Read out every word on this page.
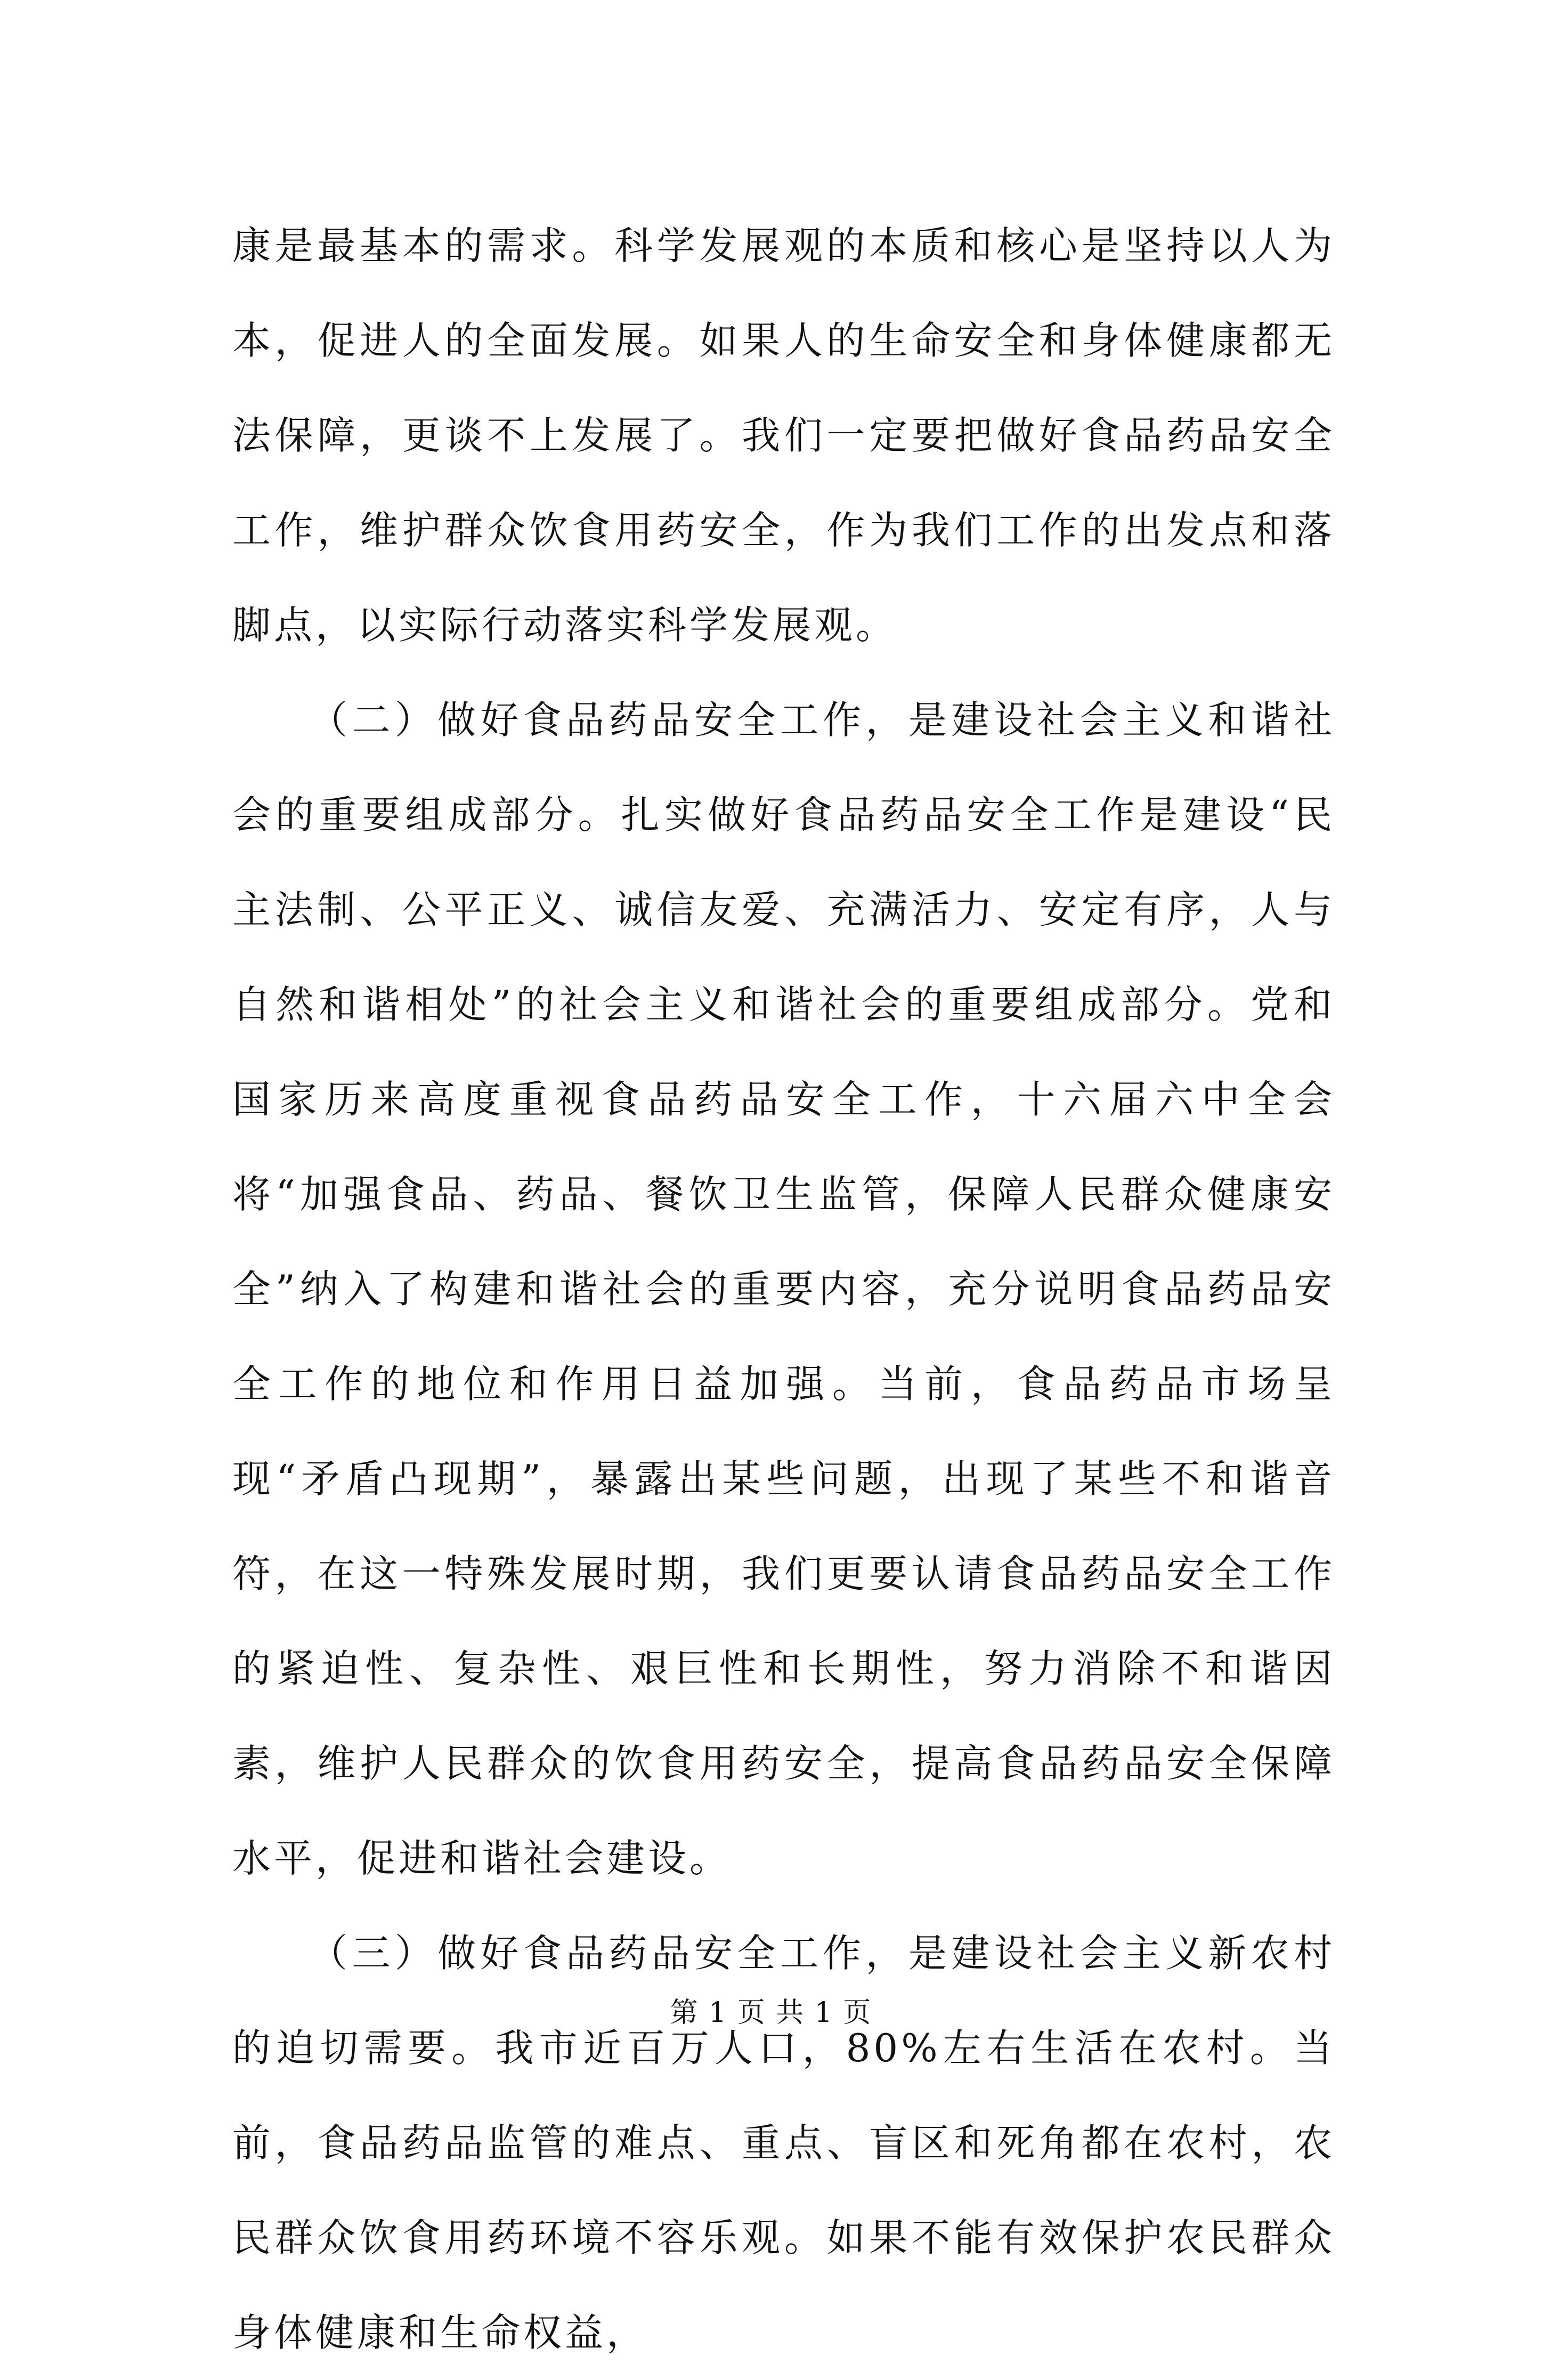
康是最基本的需求。科学发展观的本质和核心是坚持以人为本，促进人的全面发展。如果人的生命安全和身体健康都无法保障，更谈不上发展了。我们一定要把做好食品药品安全工作，维护群众饮食用药安全，作为我们工作的出发点和落脚点，以实际行动落实科学发展观。

（二）做好食品药品安全工作，是建设社会主义和谐社会的重要组成部分。扎实做好食品药品安全工作是建设“民主法制、公平正义、诚信友爱、充满活力、安定有序，人与自然和谐相处”的社会主义和谐社会的重要组成部分。党和国家历来高度重视食品药品安全工作，十六届六中全会将“加强食品、药品、餐饮卫生监管，保障人民群众健康安全”纳入了构建和谐社会的重要内容，充分说明食品药品安全工作的地位和作用日益加强。当前，食品药品市场呈现“矛盾凸现期”，暴露出某些问题，出现了某些不和谐音符，在这一特殊发展时期，我们更要认请食品药品安全工作的紧迫性、复杂性、艰巨性和长期性，努力消除不和谐因素，维护人民群众的饮食用药安全，提高食品药品安全保障水平，促进和谐社会建设。

（三）做好食品药品安全工作，是建设社会主义新农村的迫切需要。我市近百万人口，80%左右生活在农村。当前，食品药品监管的难点、重点、盲区和死角都在农村，农民群众饮食用药环境不容乐观。如果不能有效保护农民群众身体健康和生命权益，

第 1 页 共 1 页
